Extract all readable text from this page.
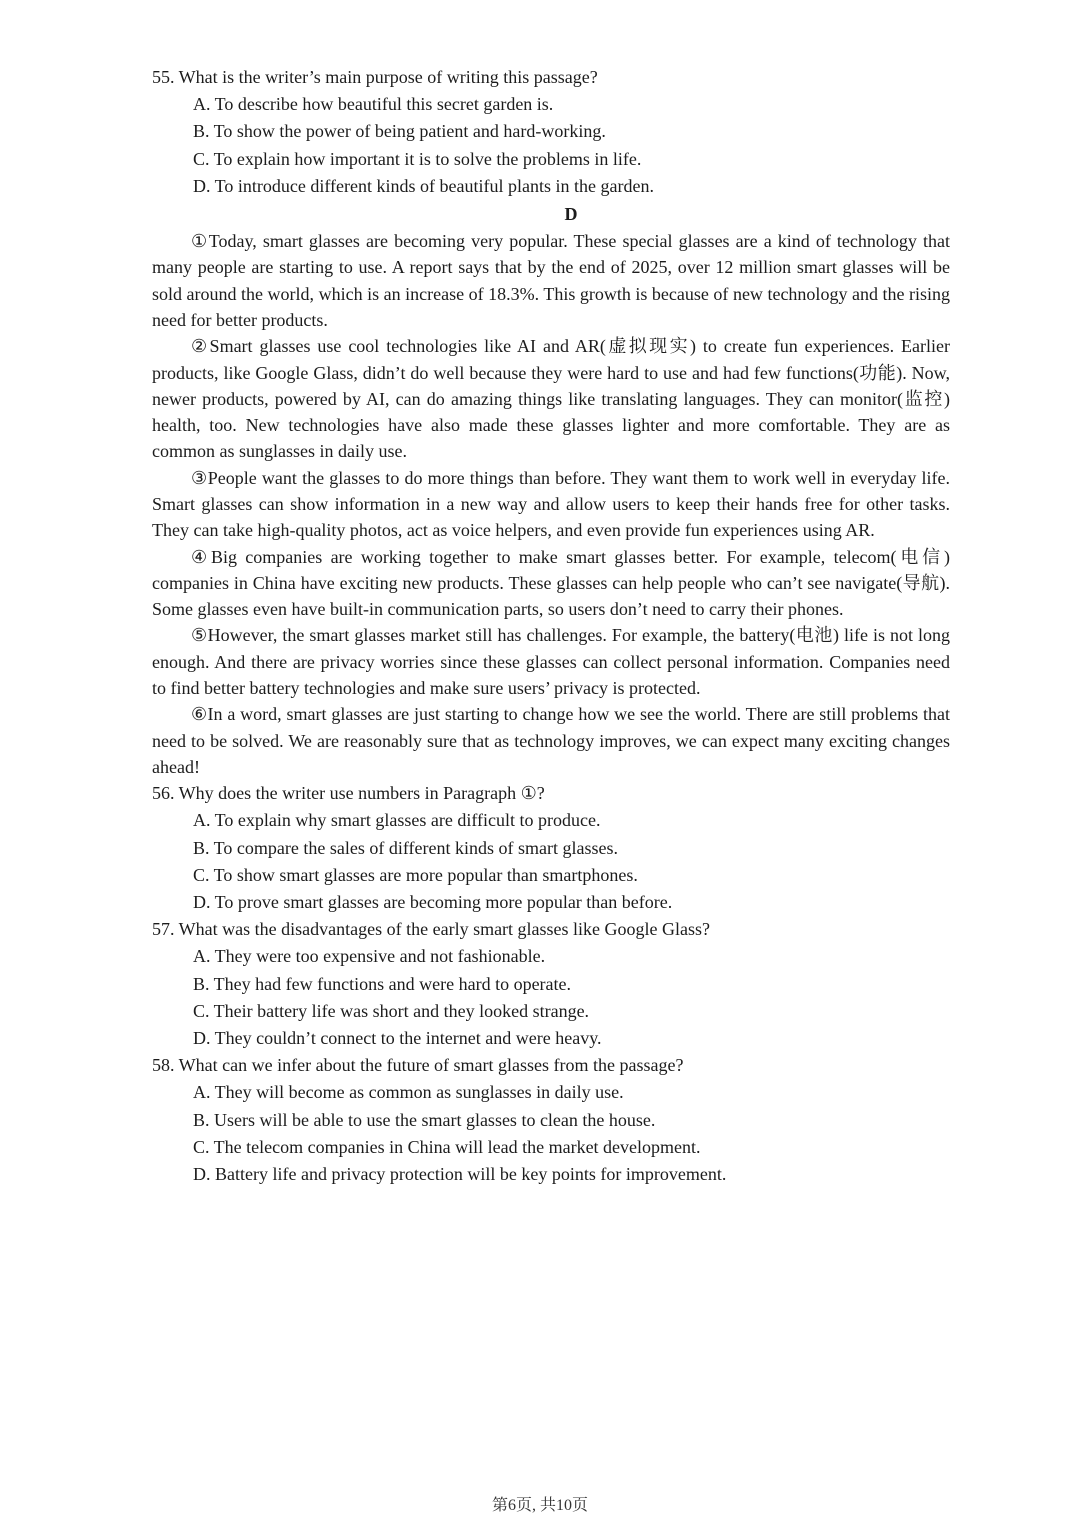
55. What is the writer’s main purpose of writing this passage?

A. To describe how beautiful this secret garden is.
B. To show the power of being patient and hard-working.
C. To explain how important it is to solve the problems in life.
D. To introduce different kinds of beautiful plants in the garden.

D

①Today, smart glasses are becoming very popular. These special glasses are a kind of technology that many people are starting to use. A report says that by the end of 2025, over 12 million smart glasses will be sold around the world, which is an increase of 18.3%. This growth is because of new technology and the rising need for better products.

②Smart glasses use cool technologies like AI and AR(虚拟现实) to create fun experiences. Earlier products, like Google Glass, didn’t do well because they were hard to use and had few functions(功能). Now, newer products, powered by AI, can do amazing things like translating languages. They can monitor(监控) health, too. New technologies have also made these glasses lighter and more comfortable. They are as common as sunglasses in daily use.

③People want the glasses to do more things than before. They want them to work well in everyday life. Smart glasses can show information in a new way and allow users to keep their hands free for other tasks. They can take high-quality photos, act as voice helpers, and even provide fun experiences using AR.

④Big companies are working together to make smart glasses better. For example, telecom(电信) companies in China have exciting new products. These glasses can help people who can’t see navigate(导航). Some glasses even have built-in communication parts, so users don’t need to carry their phones.

⑤However, the smart glasses market still has challenges. For example, the battery(电池) life is not long enough. And there are privacy worries since these glasses can collect personal information. Companies need to find better battery technologies and make sure users’ privacy is protected.

⑥In a word, smart glasses are just starting to change how we see the world. There are still problems that need to be solved. We are reasonably sure that as technology improves, we can expect many exciting changes ahead!

56. Why does the writer use numbers in Paragraph ①?

A. To explain why smart glasses are difficult to produce.
B. To compare the sales of different kinds of smart glasses.
C. To show smart glasses are more popular than smartphones.
D. To prove smart glasses are becoming more popular than before.

57. What was the disadvantages of the early smart glasses like Google Glass?

A. They were too expensive and not fashionable.
B. They had few functions and were hard to operate.
C. Their battery life was short and they looked strange.
D. They couldn’t connect to the internet and were heavy.

58. What can we infer about the future of smart glasses from the passage?

A. They will become as common as sunglasses in daily use.
B. Users will be able to use the smart glasses to clean the house.
C. The telecom companies in China will lead the market development.
D. Battery life and privacy protection will be key points for improvement.
第6页, 共10页
